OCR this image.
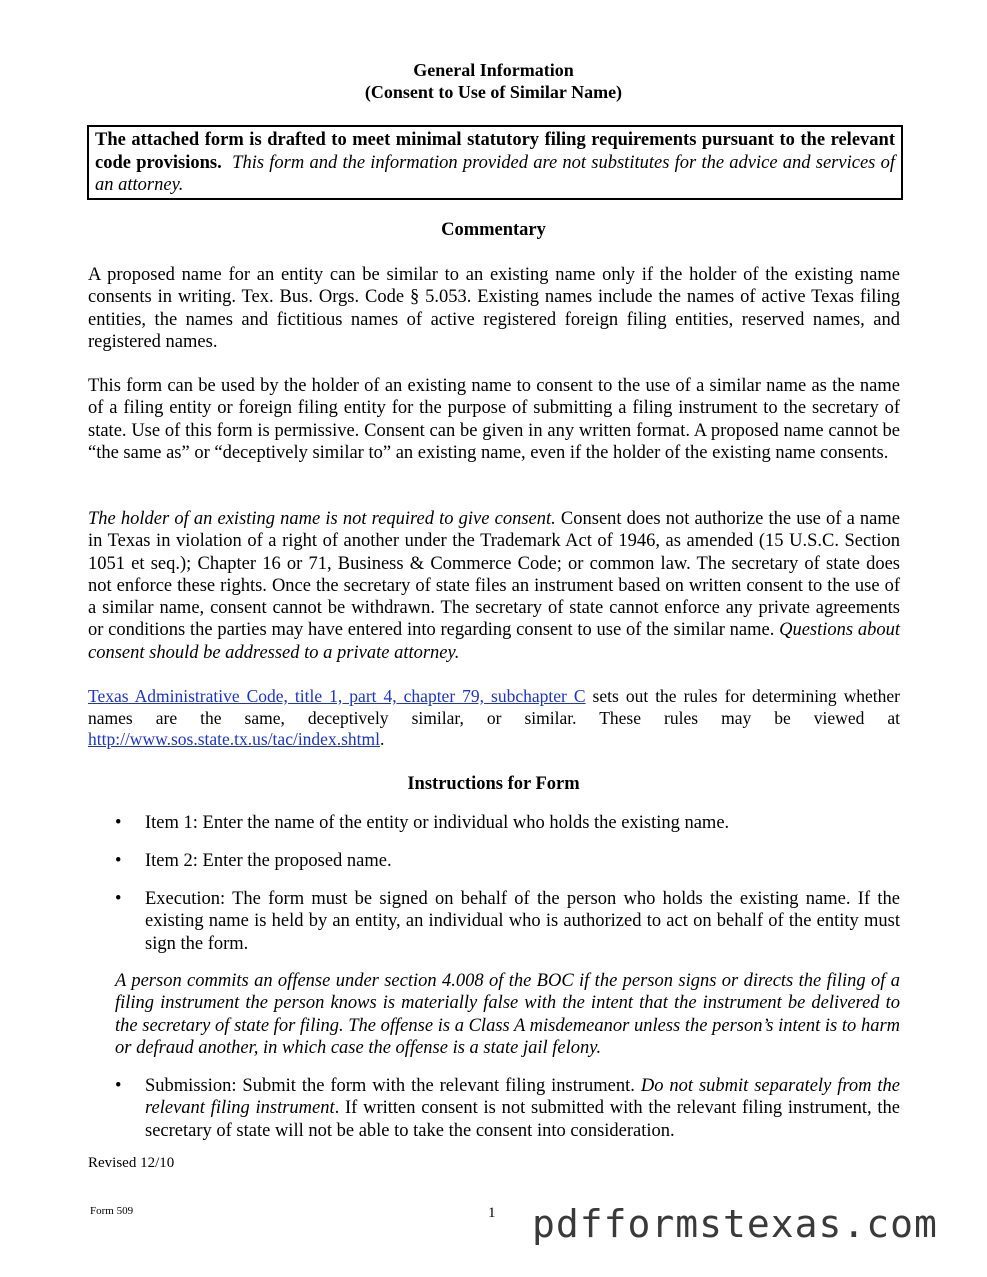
General Information
(Consent to Use of Similar Name)
The attached form is drafted to meet minimal statutory filing requirements pursuant to the relevant code provisions. This form and the information provided are not substitutes for the advice and services of an attorney.
Commentary
A proposed name for an entity can be similar to an existing name only if the holder of the existing name consents in writing. Tex. Bus. Orgs. Code § 5.053. Existing names include the names of active Texas filing entities, the names and fictitious names of active registered foreign filing entities, reserved names, and registered names.
This form can be used by the holder of an existing name to consent to the use of a similar name as the name of a filing entity or foreign filing entity for the purpose of submitting a filing instrument to the secretary of state. Use of this form is permissive. Consent can be given in any written format. A proposed name cannot be “the same as” or “deceptively similar to” an existing name, even if the holder of the existing name consents.
The holder of an existing name is not required to give consent. Consent does not authorize the use of a name in Texas in violation of a right of another under the Trademark Act of 1946, as amended (15 U.S.C. Section 1051 et seq.); Chapter 16 or 71, Business & Commerce Code; or common law. The secretary of state does not enforce these rights. Once the secretary of state files an instrument based on written consent to the use of a similar name, consent cannot be withdrawn. The secretary of state cannot enforce any private agreements or conditions the parties may have entered into regarding consent to use of the similar name. Questions about consent should be addressed to a private attorney.
Texas Administrative Code, title 1, part 4, chapter 79, subchapter C sets out the rules for determining whether names are the same, deceptively similar, or similar. These rules may be viewed at http://www.sos.state.tx.us/tac/index.shtml.
Instructions for Form
•	Item 1: Enter the name of the entity or individual who holds the existing name.
•	Item 2: Enter the proposed name.
•	Execution: The form must be signed on behalf of the person who holds the existing name. If the existing name is held by an entity, an individual who is authorized to act on behalf of the entity must sign the form.
A person commits an offense under section 4.008 of the BOC if the person signs or directs the filing of a filing instrument the person knows is materially false with the intent that the instrument be delivered to the secretary of state for filing. The offense is a Class A misdemeanor unless the person’s intent is to harm or defraud another, in which case the offense is a state jail felony.
•	Submission: Submit the form with the relevant filing instrument. Do not submit separately from the relevant filing instrument. If written consent is not submitted with the relevant filing instrument, the secretary of state will not be able to take the consent into consideration.
Revised 12/10
Form 509	1 pdfformstexas.com
